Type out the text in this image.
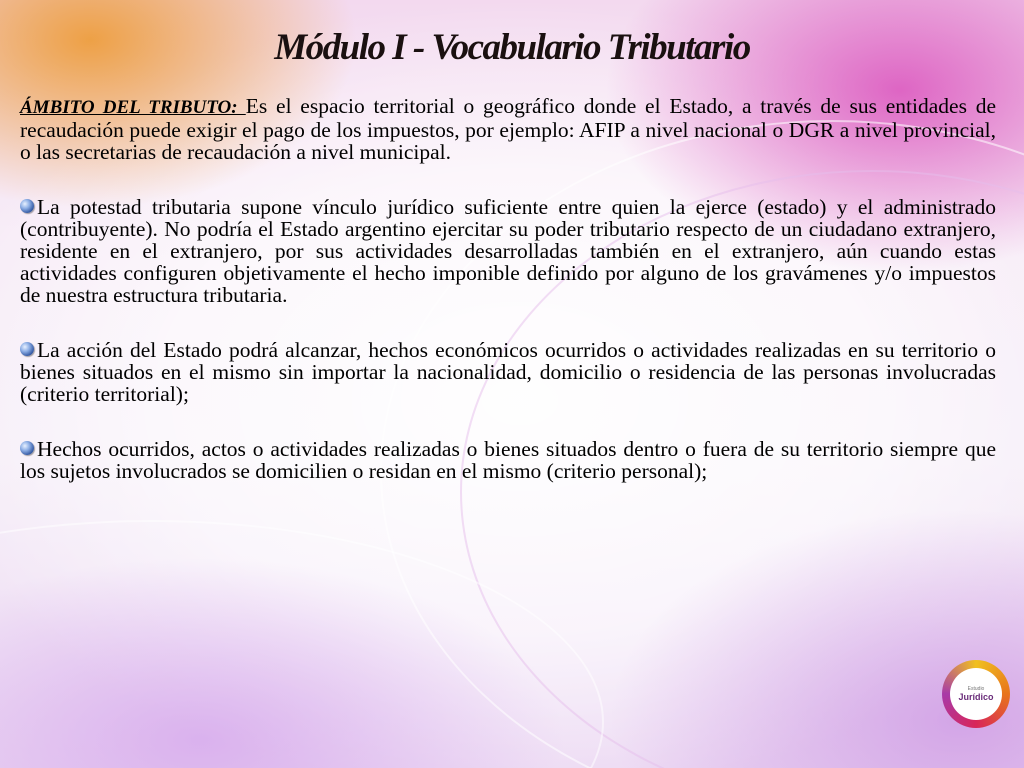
Módulo I - Vocabulario Tributario

ÁMBITO DEL TRIBUTO: Es el espacio territorial o geográfico donde el Estado, a través de sus entidades de recaudación puede exigir el pago de los impuestos, por ejemplo: AFIP a nivel nacional o DGR a nivel provincial, o las secretarias de recaudación a nivel municipal.

La potestad tributaria supone vínculo jurídico suficiente entre quien la ejerce (estado) y el administrado (contribuyente). No podría el Estado argentino ejercitar su poder tributario respecto de un ciudadano extranjero, residente en el extranjero, por sus actividades desarrolladas también en el extranjero, aún cuando estas actividades configuren objetivamente el hecho imponible definido por alguno de los gravámenes y/o impuestos de nuestra estructura tributaria.

La acción del Estado podrá alcanzar, hechos económicos ocurridos o actividades realizadas en su territorio o bienes situados en el mismo sin importar la nacionalidad, domicilio o residencia de las personas involucradas (criterio territorial);

Hechos ocurridos, actos o actividades realizadas o bienes situados dentro o fuera de su territorio siempre que los sujetos involucrados se domicilien o residan en el mismo (criterio personal);

Estudio
Jurídico
